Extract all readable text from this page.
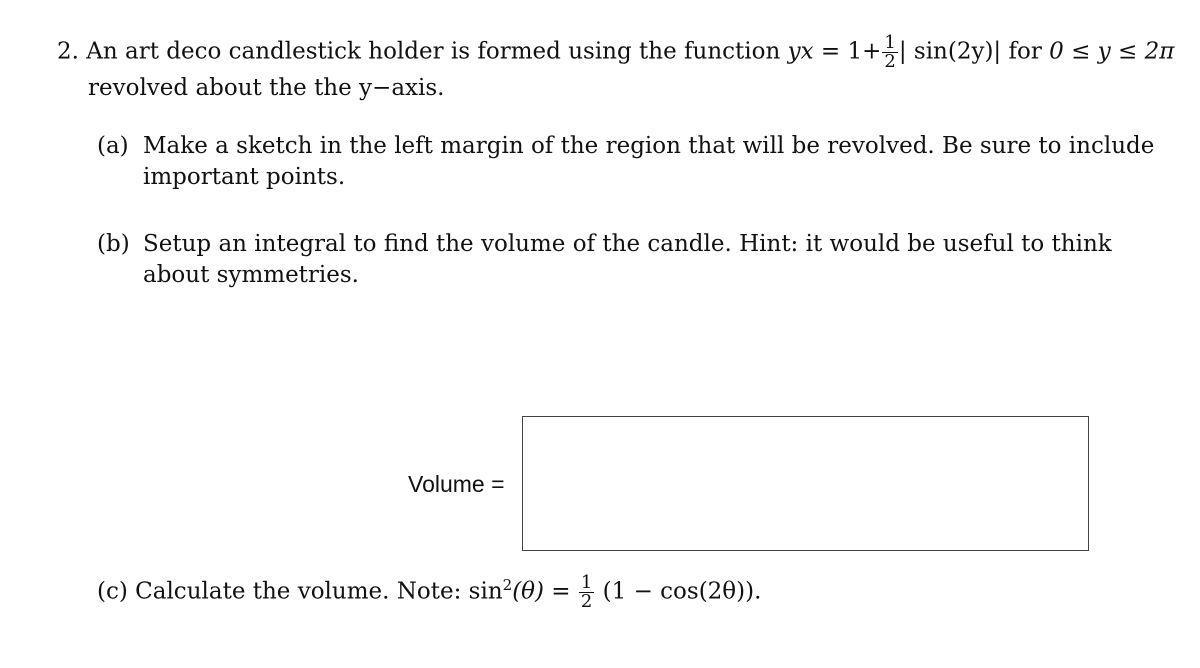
2. An art deco candlestick holder is formed using the function yx = $1+ \frac{1}{2}$ | sin(2y)| for 0 ≤ y ≤ 2π
revolved about the the y−axis.
(a) Make a sketch in the left margin of the region that will be revolved. Be sure to include
important points.
(b) Setup an integral to find the volume of the candle. Hint: it would be useful to think
about symmetries.
Volume =
(c) Calculate the volume. Note: $\sin^2(\theta) = \frac{1}{2} (1 - \cos(2\theta))$.
